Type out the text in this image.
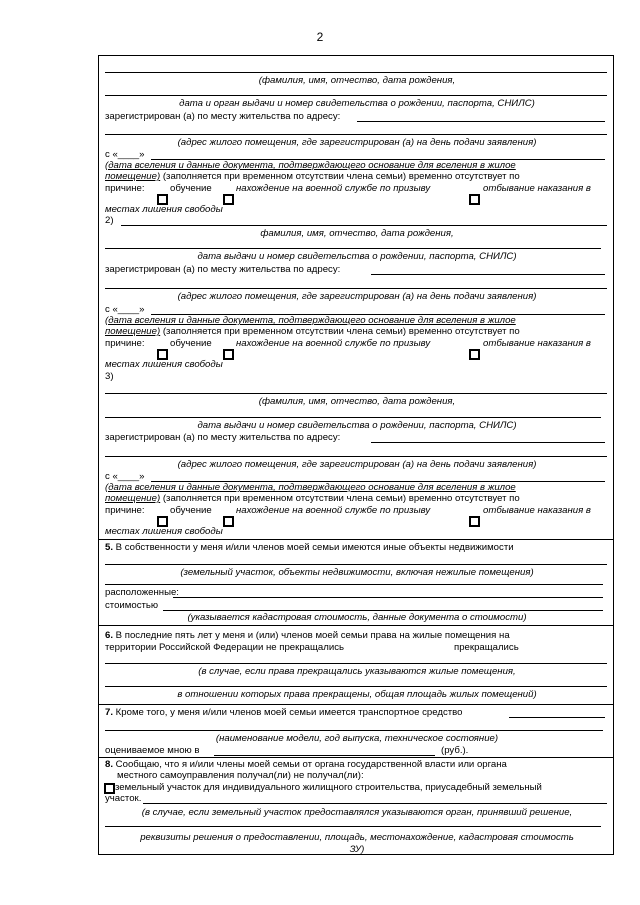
2
(фамилия, имя, отчество, дата рождения,
дата и орган выдачи и номер свидетельства о рождении, паспорта, СНИЛС)
зарегистрирован (а) по месту жительства по адресу:
(адрес жилого помещения, где зарегистрирован (а) на день подачи заявления)
с «____»
(дата вселения и данные документа, подтверждающего основание для вселения в жилое
помещение) (заполняется при временном отсутствии члена семьи) временно отсутствует по
причине:	обучение	нахождение на военной службе по призыву	отбывание наказания в
местах лишения свободы
2)
фамилия, имя, отчество, дата рождения,
дата выдачи и номер свидетельства о рождении, паспорта, СНИЛС)
зарегистрирован (а) по месту жительства по адресу:
(адрес жилого помещения, где зарегистрирован (а) на день подачи заявления)
с «____»
(дата вселения и данные документа, подтверждающего основание для вселения в жилое
помещение) (заполняется при временном отсутствии члена семьи) временно отсутствует по
причине:	обучение	нахождение на военной службе по призыву	отбывание наказания в
местах лишения свободы
3)
(фамилия, имя, отчество, дата рождения,
дата выдачи и номер свидетельства о рождении, паспорта, СНИЛС)
зарегистрирован (а) по месту жительства по адресу:
(адрес жилого помещения, где зарегистрирован (а) на день подачи заявления)
с «____»
(дата вселения и данные документа, подтверждающего основание для вселения в жилое
помещение) (заполняется при временном отсутствии члена семьи) временно отсутствует по
причине:	обучение	нахождение на военной службе по призыву	отбывание наказания в
местах лишения свободы
5. В собственности у меня и/или членов моей семьи имеются иные объекты недвижимости
(земельный участок, объекты недвижимости, включая нежилые помещения)
расположенные:
стоимостью
(указывается кадастровая стоимость, данные документа о стоимости)
6. В последние пять лет у меня и (или) членов моей семьи права на жилые помещения на
территории Российской Федерации не прекращались	прекращались
(в случае, если права прекращались указываются жилые помещения,
в отношении которых права прекращены, общая площадь жилых помещений)
7. Кроме того, у меня и/или членов моей семьи имеется транспортное средство
(наименование модели, год выпуска, техническое состояние)
оцениваемое мною в	(руб.).
8. Сообщаю, что я и/или члены моей семьи от органа государственной власти или органа
местного самоуправления получал(ли) не получал(ли):
земельный участок для индивидуального жилищного строительства, приусадебный земельный
участок.
(в случае, если земельный участок предоставлялся указываются орган, принявший решение,
реквизиты решения о предоставлении, площадь, местонахождение, кадастровая стоимость
ЗУ)
